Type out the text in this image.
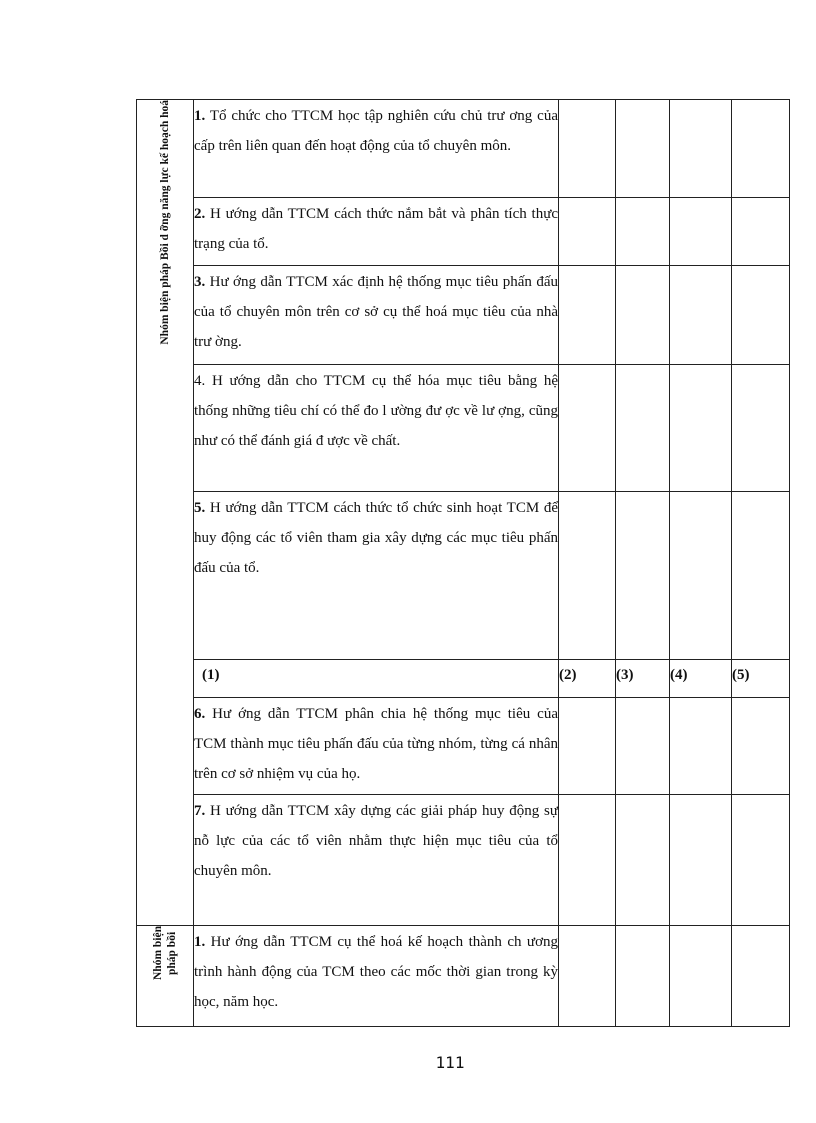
Nhóm biện pháp Bồi d ỡng năng lực kế hoạch hoá	1. Tổ chức cho TTCM học tập nghiên cứu chủ trư ơng của cấp trên liên quan đến hoạt động của tổ chuyên môn.				

	2. H ướng dẫn TTCM cách thức nắm bắt và phân tích thực trạng của tổ.				

	3. Hư ớng dẫn TTCM xác định hệ thống mục tiêu phấn đấu của tổ chuyên môn trên cơ sở cụ thể hoá mục tiêu của nhà trư ờng.				

	4. H ướng dẫn cho TTCM cụ thể hóa mục tiêu bằng hệ thống những tiêu chí có thể đo l ường đư ợc về lư ợng, cũng như có thể đánh giá đ ược về chất.				

	5. H ướng dẫn TTCM cách thức tổ chức sinh hoạt TCM để huy động các tổ viên tham gia xây dựng các mục tiêu phấn đấu của tổ.				

	(1)	(2)	(3)	(4)	(5)

	6. Hư ớng dẫn TTCM phân chia hệ thống mục tiêu của TCM thành mục tiêu phấn đấu của từng nhóm, từng cá nhân trên cơ sở nhiệm vụ của họ.				

	7. H ướng dẫn TTCM xây dựng các giải pháp huy động sự nỗ lực của các tổ viên nhằm thực hiện mục tiêu của tổ chuyên môn.				

Nhóm biện pháp bồi	1. Hư ớng dẫn TTCM cụ thể hoá kế hoạch thành ch ương trình hành động của TCM theo các mốc thời gian trong kỳ học, năm học.				

111
